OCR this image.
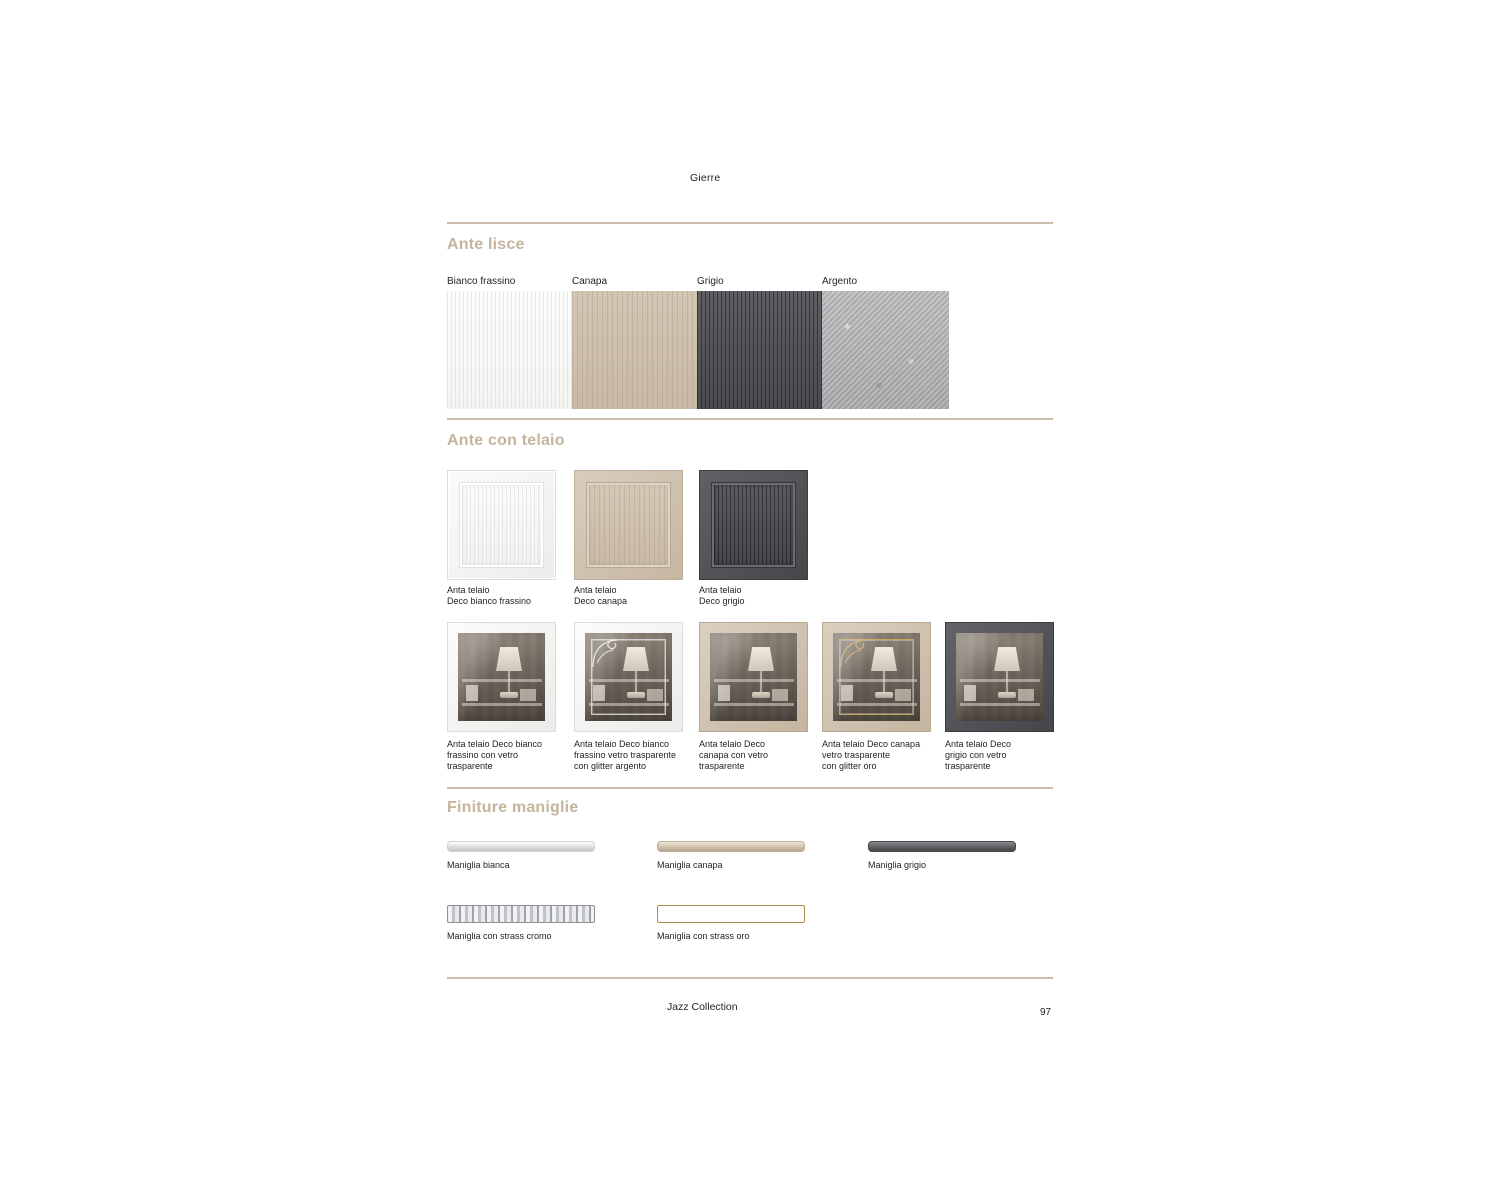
Gierre
Ante lisce
Bianco frassino	Canapa	Grigio	Argento
Ante con telaio
Anta telaio
Deco bianco frassino
Anta telaio
Deco canapa
Anta telaio
Deco grigio
Anta telaio Deco bianco
frassino con vetro
trasparente
Anta telaio Deco bianco
frassino vetro trasparente
con glitter argento
Anta telaio Deco
canapa con vetro
trasparente
Anta telaio Deco canapa
vetro trasparente
con glitter oro
Anta telaio Deco
grigio con vetro
trasparente
Finiture maniglie
Maniglia bianca	Maniglia canapa	Maniglia grigio
Maniglia con strass cromo	Maniglia con strass oro
Jazz Collection	97
